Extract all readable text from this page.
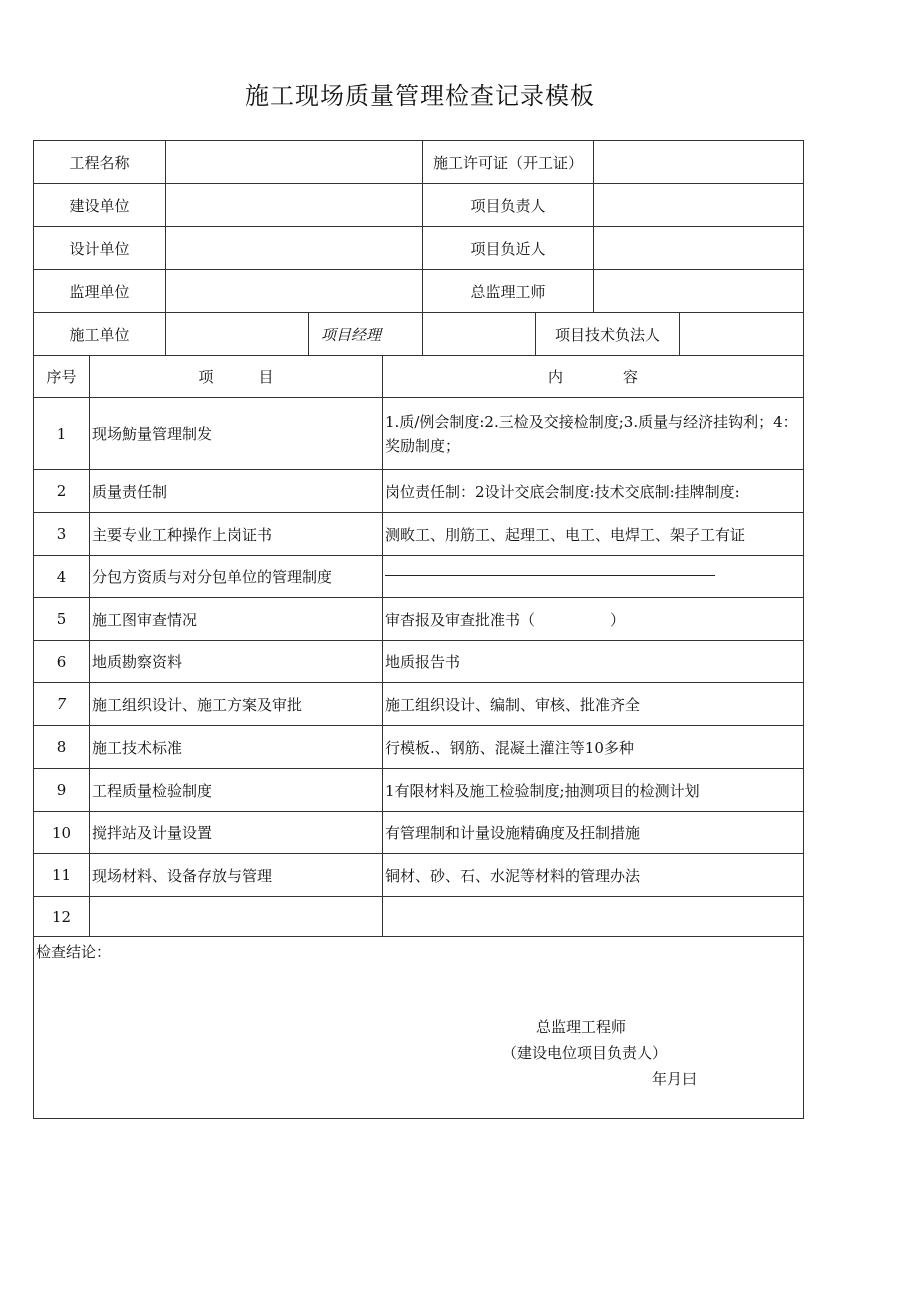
施工现场质量管理检查记录模板
工程名称					施工许可证（开工证）			
建设单位					项目负责人			
设计单位					项目负近人			
监理单位					总监理工师			
施工单位			项目经理			项目技术负法人		
序号	项　　　目			内　　　　容				
1	现场魴量管理制发			1.质/例会制度:2.三检及交接检制度;3.质量与经济挂钩利；4：奖励制度；				
2	质量责任制			岗位责任制：2设计交底会制度:技术交底制:挂牌制度:				
3	主要专业工种操作上岗证书			测畋工、刖筋工、起理工、电工、电焊工、架子工有证				
4	分包方资质与对分包单位的管理制度							
5	施工图审查情况			审杳报及审查批准书（　　　　　）				
6	地质勘察资料			地质报告书				
7	施工组织设计、施工方案及审批			施工组织设计、编制、审核、批准齐全				
8	施工技术标准			行模板.、钢筋、混凝土灌注等10多种				
9	工程质量检验制度			1有限材料及施工检验制度;抽测项目的检测计划				
10	搅拌站及计量设置			有管理制和计量设施精确度及抂制措施				
11	现场材料、设备存放与管理			铜材、砂、石、水泥等材料的管理办法				
12								

检查结论：
总监理工程师
（建设电位项目负责人）
年月曰								
